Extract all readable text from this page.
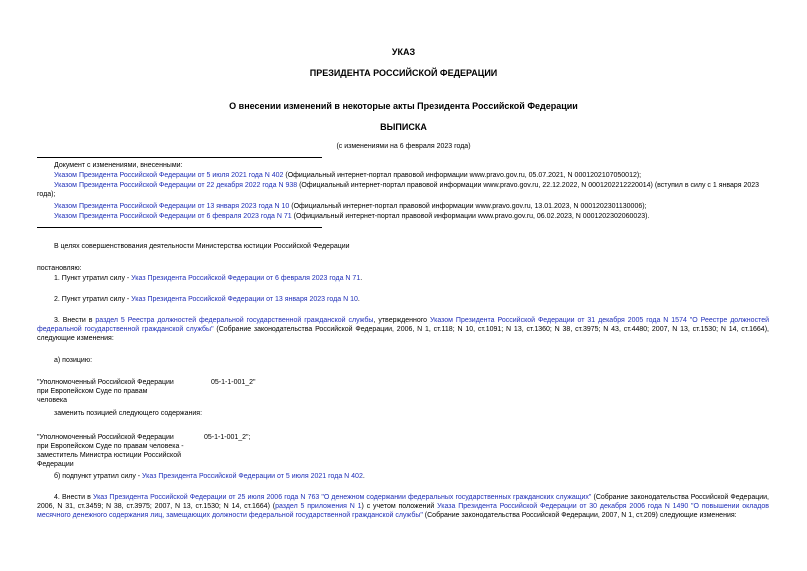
УКАЗ
ПРЕЗИДЕНТА РОССИЙСКОЙ ФЕДЕРАЦИИ
О внесении изменений в некоторые акты Президента Российской Федерации
ВЫПИСКА
(с изменениями на 6 февраля 2023 года)
Документ с изменениями, внесенными:
Указом Президента Российской Федерации от 5 июля 2021 года N 402 (Официальный интернет-портал правовой информации www.pravo.gov.ru, 05.07.2021, N 0001202107050012);
Указом Президента Российской Федерации от 22 декабря 2022 года N 938 (Официальный интернет-портал правовой информации www.pravo.gov.ru, 22.12.2022, N 0001202212220014) (вступил в силу с 1 января 2023 года);
Указом Президента Российской Федерации от 13 января 2023 года N 10 (Официальный интернет-портал правовой информации www.pravo.gov.ru, 13.01.2023, N 0001202301130006);
Указом Президента Российской Федерации от 6 февраля 2023 года N 71 (Официальный интернет-портал правовой информации www.pravo.gov.ru, 06.02.2023, N 0001202302060023).
В целях совершенствования деятельности Министерства юстиции Российской Федерации
постановляю:
1. Пункт утратил силу - Указ Президента Российской Федерации от 6 февраля 2023 года N 71.
2. Пункт утратил силу - Указ Президента Российской Федерации от 13 января 2023 года N 10.
3. Внести в раздел 5 Реестра должностей федеральной государственной гражданской службы, утвержденного Указом Президента Российской Федерации от 31 декабря 2005 года N 1574 "О Реестре должностей федеральной государственной гражданской службы" (Собрание законодательства Российской Федерации, 2006, N 1, ст.118; N 10, ст.1091; N 13, ст.1360; N 38, ст.3975; N 43, ст.4480; 2007, N 13, ст.1530; N 14, ст.1664), следующие изменения:
а) позицию:
"Уполномоченный Российской Федерации при Европейском Суде по правам человека
05-1-1-001_2"
заменить позицией следующего содержания:
"Уполномоченный Российской Федерации при Европейском Суде по правам человека - заместитель Министра юстиции Российской Федерации
05-1-1-001_2";
б) подпункт утратил силу - Указ Президента Российской Федерации от 5 июля 2021 года N 402.
4. Внести в Указ Президента Российской Федерации от 25 июля 2006 года N 763 "О денежном содержании федеральных государственных гражданских служащих" (Собрание законодательства Российской Федерации, 2006, N 31, ст.3459; N 38, ст.3975; 2007, N 13, ст.1530; N 14, ст.1664) (раздел 5 приложения N 1) с учетом положений Указа Президента Российской Федерации от 30 декабря 2006 года N 1490 "О повышении окладов месячного денежного содержания лиц, замещающих должности федеральной государственной гражданской службы" (Собрание законодательства Российской Федерации, 2007, N 1, ст.209) следующие изменения:
